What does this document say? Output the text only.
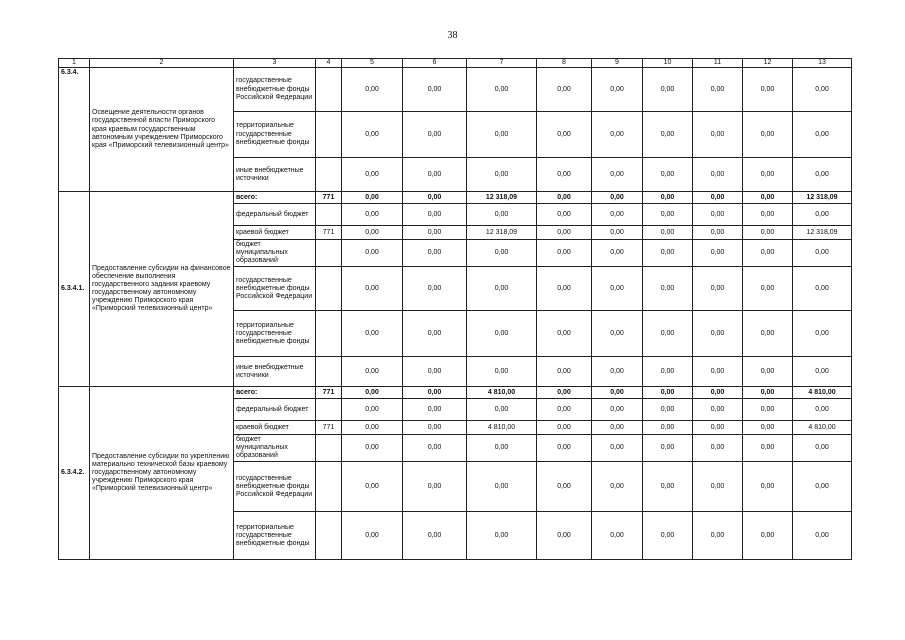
38
1	2	3	4	5	6	7	8	9	10	11	12	13
6.3.4.	Освещение деятельности органов государственной власти Приморского края краевым государственным автономным учреждением Приморского края «Приморский телевизионный центр»	государственные внебюджетные фонды Российской Федерации		0,00	0,00	0,00	0,00	0,00	0,00	0,00	0,00	0,00
		территориальные государственные внебюджетные фонды		0,00	0,00	0,00	0,00	0,00	0,00	0,00	0,00	0,00
		иные внебюджетные источники		0,00	0,00	0,00	0,00	0,00	0,00	0,00	0,00	0,00
6.3.4.1.	Предоставление субсидии на финансовое обеспечение выполнения государственного задания краевому государственному автономному учреждению Приморского края «Приморский телевизионный центр»	всего:	771	0,00	0,00	12 318,09	0,00	0,00	0,00	0,00	0,00	12 318,09
		федеральный бюджет		0,00	0,00	0,00	0,00	0,00	0,00	0,00	0,00	0,00
		краевой бюджет	771	0,00	0,00	12 318,09	0,00	0,00	0,00	0,00	0,00	12 318,09
		бюджет муниципальных образований		0,00	0,00	0,00	0,00	0,00	0,00	0,00	0,00	0,00
		государственные внебюджетные фонды Российской Федерации		0,00	0,00	0,00	0,00	0,00	0,00	0,00	0,00	0,00
		территориальные государственные внебюджетные фонды		0,00	0,00	0,00	0,00	0,00	0,00	0,00	0,00	0,00
		иные внебюджетные источники		0,00	0,00	0,00	0,00	0,00	0,00	0,00	0,00	0,00
6.3.4.2.	Предоставление субсидии по укреплению материально технической базы краевому государственному автономному учреждению Приморского края «Приморский телевизионный центр»	всего:	771	0,00	0,00	4 810,00	0,00	0,00	0,00	0,00	0,00	4 810,00
		федеральный бюджет		0,00	0,00	0,00	0,00	0,00	0,00	0,00	0,00	0,00
		краевой бюджет	771	0,00	0,00	4 810,00	0,00	0,00	0,00	0,00	0,00	4 810,00
		бюджет муниципальных образований		0,00	0,00	0,00	0,00	0,00	0,00	0,00	0,00	0,00
		государственные внебюджетные фонды Российской Федерации		0,00	0,00	0,00	0,00	0,00	0,00	0,00	0,00	0,00
		территориальные государственные внебюджетные фонды		0,00	0,00	0,00	0,00	0,00	0,00	0,00	0,00	0,00
